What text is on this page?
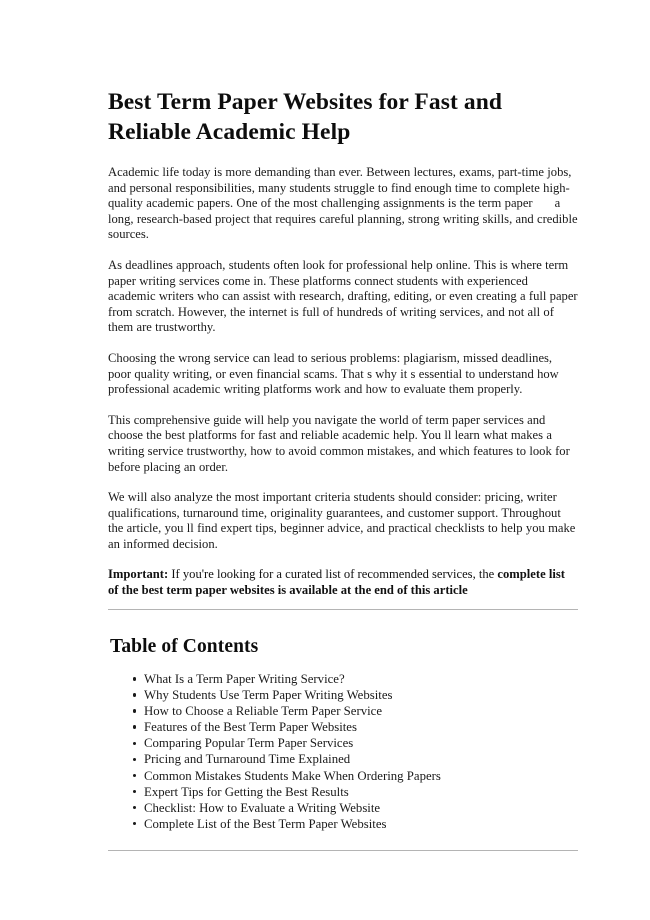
Best Term Paper Websites for Fast and Reliable Academic Help

Academic life today is more demanding than ever. Between lectures, exams, part-time jobs, and personal responsibilities, many students struggle to find enough time to complete high-quality academic papers. One of the most challenging assignments is the term paper a long, research-based project that requires careful planning, strong writing skills, and credible sources.

As deadlines approach, students often look for professional help online. This is where term paper writing services come in. These platforms connect students with experienced academic writers who can assist with research, drafting, editing, or even creating a full paper from scratch. However, the internet is full of hundreds of writing services, and not all of them are trustworthy.

Choosing the wrong service can lead to serious problems: plagiarism, missed deadlines, poor quality writing, or even financial scams. That s why it s essential to understand how professional academic writing platforms work and how to evaluate them properly.

This comprehensive guide will help you navigate the world of term paper services and choose the best platforms for fast and reliable academic help. You ll learn what makes a writing service trustworthy, how to avoid common mistakes, and which features to look for before placing an order.

We will also analyze the most important criteria students should consider: pricing, writer qualifications, turnaround time, originality guarantees, and customer support. Throughout the article, you ll find expert tips, beginner advice, and practical checklists to help you make an informed decision.

Important: If you're looking for a curated list of recommended services, the complete list of the best term paper websites is available at the end of this article

Table of Contents
What Is a Term Paper Writing Service?
Why Students Use Term Paper Writing Websites
How to Choose a Reliable Term Paper Service
Features of the Best Term Paper Websites
Comparing Popular Term Paper Services
Pricing and Turnaround Time Explained
Common Mistakes Students Make When Ordering Papers
Expert Tips for Getting the Best Results
Checklist: How to Evaluate a Writing Website
Complete List of the Best Term Paper Websites
